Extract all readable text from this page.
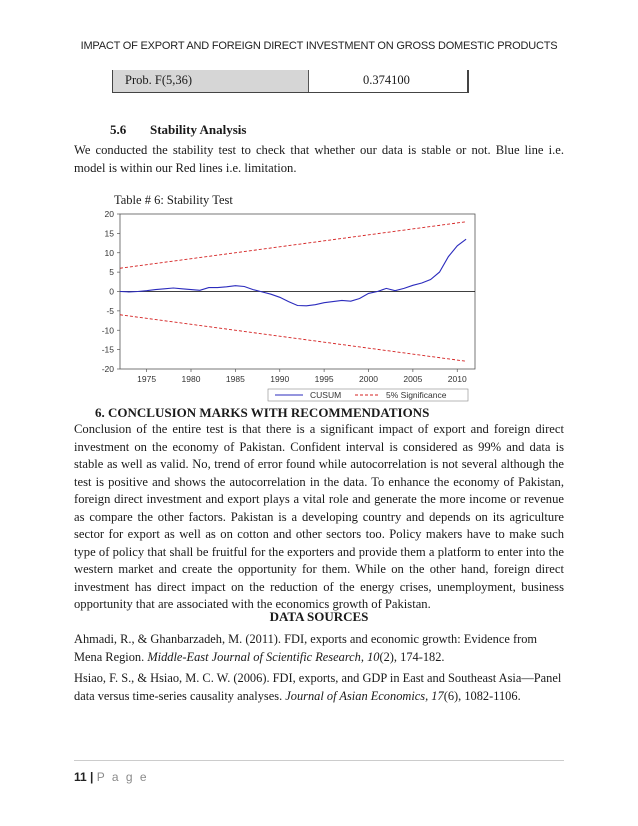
IMPACT OF EXPORT AND FOREIGN DIRECT INVESTMENT ON GROSS DOMESTIC PRODUCTS
Prob. F(5,36)	0.374100
5.6 Stability Analysis
We conducted the stability test to check that whether our data is stable or not. Blue line i.e. model is within our Red lines i.e. limitation.
Table # 6: Stability Test
20
15
10
5
0
-5
-10
-15
-20
1975	1980	1985	1990	1995	2000	2005	2010
CUSUM	5% Significance
6. CONCLUSION MARKS WITH RECOMMENDATIONS
Conclusion of the entire test is that there is a significant impact of export and foreign direct investment on the economy of Pakistan. Confident interval is considered as 99% and data is stable as well as valid. No, trend of error found while autocorrelation is not several although the test is positive and shows the autocorrelation in the data. To enhance the economy of Pakistan, foreign direct investment and export plays a vital role and generate the more income or revenue as compare the other factors. Pakistan is a developing country and depends on its agriculture sector for export as well as on cotton and other sectors too. Policy makers have to make such type of policy that shall be fruitful for the exporters and provide them a platform to enter into the western market and create the opportunity for them. While on the other hand, foreign direct investment has direct impact on the reduction of the energy crises, unemployment, business opportunity that are associated with the economics growth of Pakistan.
DATA SOURCES
Ahmadi, R., & Ghanbarzadeh, M. (2011). FDI, exports and economic growth: Evidence from Mena Region. Middle-East Journal of Scientific Research, 10(2), 174-182.
Hsiao, F. S., & Hsiao, M. C. W. (2006). FDI, exports, and GDP in East and Southeast Asia—Panel data versus time-series causality analyses. Journal of Asian Economics, 17(6), 1082-1106.
11 | P a g e
